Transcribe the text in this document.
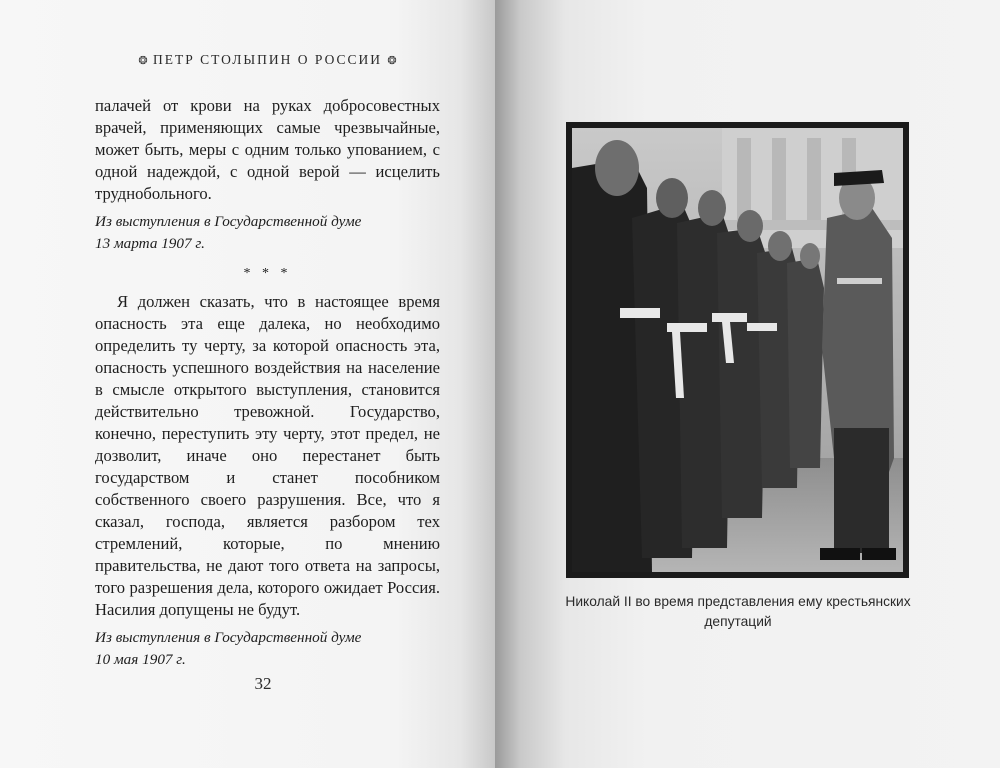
❂ ПЕТР СТОЛЫПИН О РОССИИ ❂

палачей от крови на руках добросовестных врачей, применяющих самые чрезвычайные, может быть, меры с одним только упованием, с одной надеждой, с одной верой — исцелить труднобольного.

Из выступления в Государственной думе

13 марта 1907 г.

* * *

Я должен сказать, что в настоящее время опасность эта еще далека, но необходимо определить ту черту, за которой опасность эта, опасность успешного воздействия на население в смысле открытого выступления, становится действительно тревожной. Государство, конечно, переступить эту черту, этот предел, не дозволит, иначе оно перестанет быть государством и станет пособником собственного своего разрушения. Все, что я сказал, господа, является разбором тех стремлений, которые, по мнению правительства, не дают того ответа на запросы, того разрешения дела, которого ожидает Россия. Насилия допущены не будут.

Из выступления в Государственной думе

10 мая 1907 г.

32
Николай II во время представления ему крестьянских
депутаций
